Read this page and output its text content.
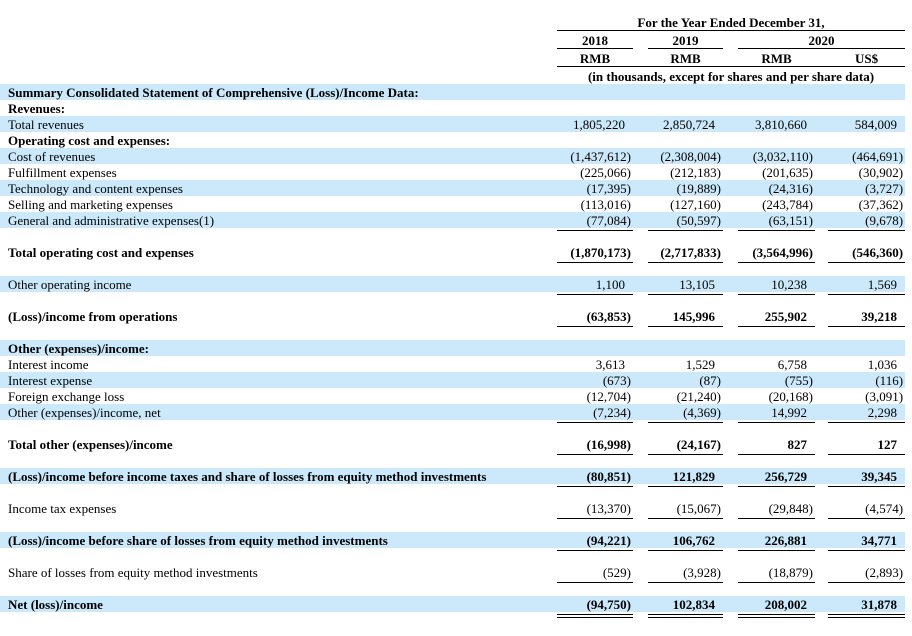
	For the Year Ended December 31,						
	2018		2019		2020		
	RMB		RMB		RMB		US$
	(in thousands, except for shares and per share data)						
Summary Consolidated Statement of Comprehensive (Loss)/Income Data:							
Revenues:							
Total revenues	1,805,220		2,850,724		3,810,660		584,009
Operating cost and expenses:							
Cost of revenues	(1,437,612)		(2,308,004)		(3,032,110)		(464,691)
Fulfillment expenses	(225,066)		(212,183)		(201,635)		(30,902)
Technology and content expenses	(17,395)		(19,889)		(24,316)		(3,727)
Selling and marketing expenses	(113,016)		(127,160)		(243,784)		(37,362)
General and administrative expenses(1)	(77,084)		(50,597)		(63,151)		(9,678)

Total operating cost and expenses	(1,870,173)		(2,717,833)		(3,564,996)		(546,360)

Other operating income	1,100		13,105		10,238		1,569

(Loss)/income from operations	(63,853)		145,996		255,902		39,218

Other (expenses)/income:							
Interest income	3,613		1,529		6,758		1,036
Interest expense	(673)		(87)		(755)		(116)
Foreign exchange loss	(12,704)		(21,240)		(20,168)		(3,091)
Other (expenses)/income, net	(7,234)		(4,369)		14,992		2,298

Total other (expenses)/income	(16,998)		(24,167)		827		127

(Loss)/income before income taxes and share of losses from equity method investments	(80,851)		121,829		256,729		39,345

Income tax expenses	(13,370)		(15,067)		(29,848)		(4,574)

(Loss)/income before share of losses from equity method investments	(94,221)		106,762		226,881		34,771

Share of losses from equity method investments	(529)		(3,928)		(18,879)		(2,893)

Net (loss)/income	(94,750)		102,834		208,002		31,878
